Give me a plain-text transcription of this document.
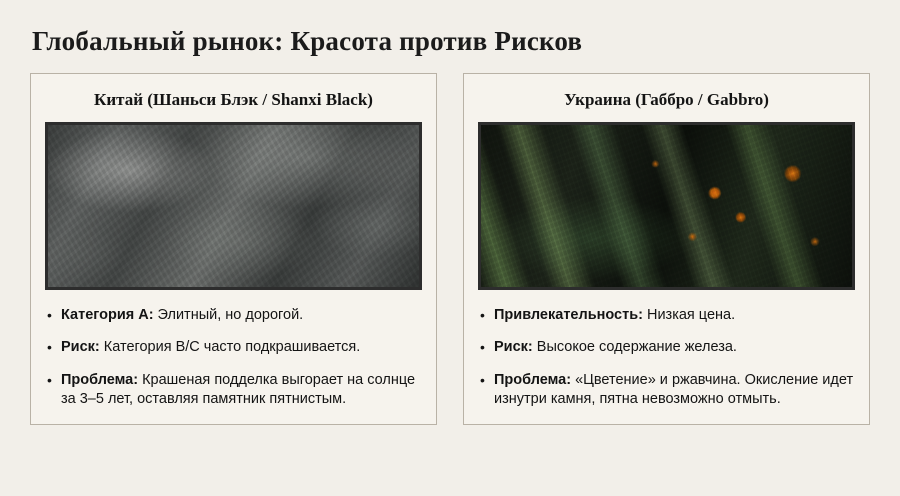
Глобальный рынок: Красота против Рисков
Китай (Шаньси Блэк / Shanxi Black)
• Категория А: Элитный, но дорогой.
• Риск: Категория B/C часто подкрашивается.
• Проблема: Крашеная подделка выгорает на солнце за 3–5 лет, оставляя памятник пятнистым.
Украина (Габбро / Gabbro)
• Привлекательность: Низкая цена.
• Риск: Высокое содержание железа.
• Проблема: «Цветение» и ржавчина. Окисление идет изнутри камня, пятна невозможно отмыть.
